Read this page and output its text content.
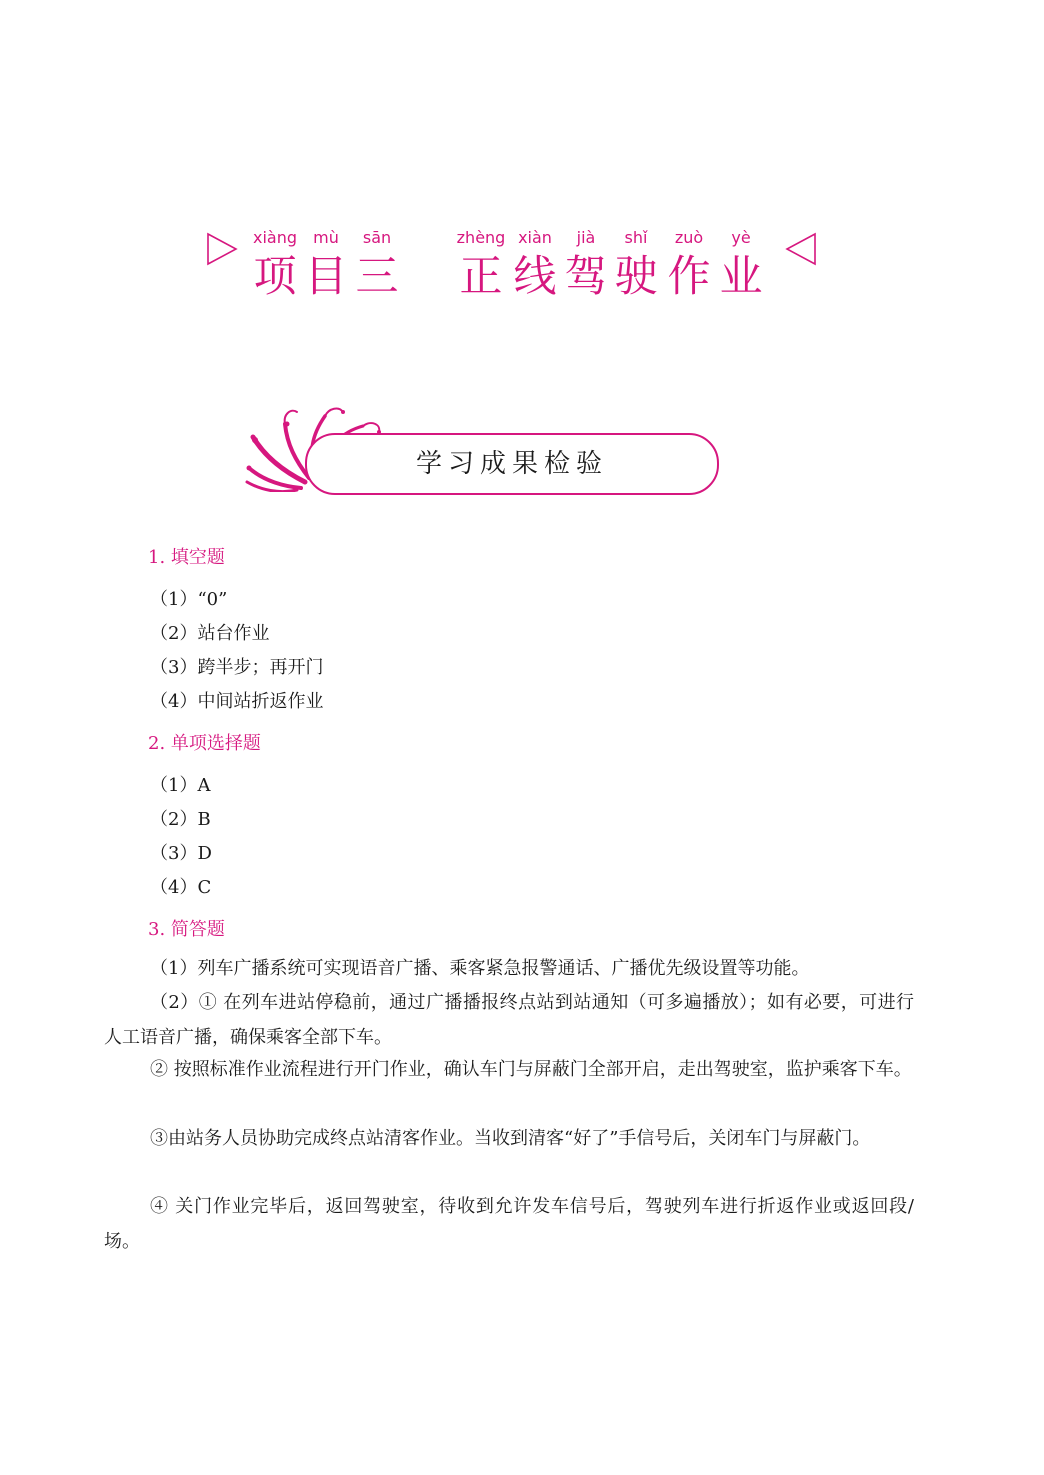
xiàng mù sān	zhèng xiàn jià shǐ zuò yè
项 目 三 正 线 驾 驶 作 业
学习成果检验
1. 填空题
（1）“0”
（2）站台作业
（3）跨半步；再开门
（4）中间站折返作业
2. 单项选择题
（1）A
（2）B
（3）D
（4）C
3. 简答题
（1）列车广播系统可实现语音广播、乘客紧急报警通话、广播优先级设置等功能。
（2）① 在列车进站停稳前，通过广播播报终点站到站通知（可多遍播放）；如有必要，可进行人工语音广播，确保乘客全部下车。
② 按照标准作业流程进行开门作业，确认车门与屏蔽门全部开启，走出驾驶室，监护乘客下车。
③由站务人员协助完成终点站清客作业。当收到清客“好了”手信号后，关闭车门与屏蔽门。
④ 关门作业完毕后，返回驾驶室，待收到允许发车信号后，驾驶列车进行折返作业或返回段/场。
